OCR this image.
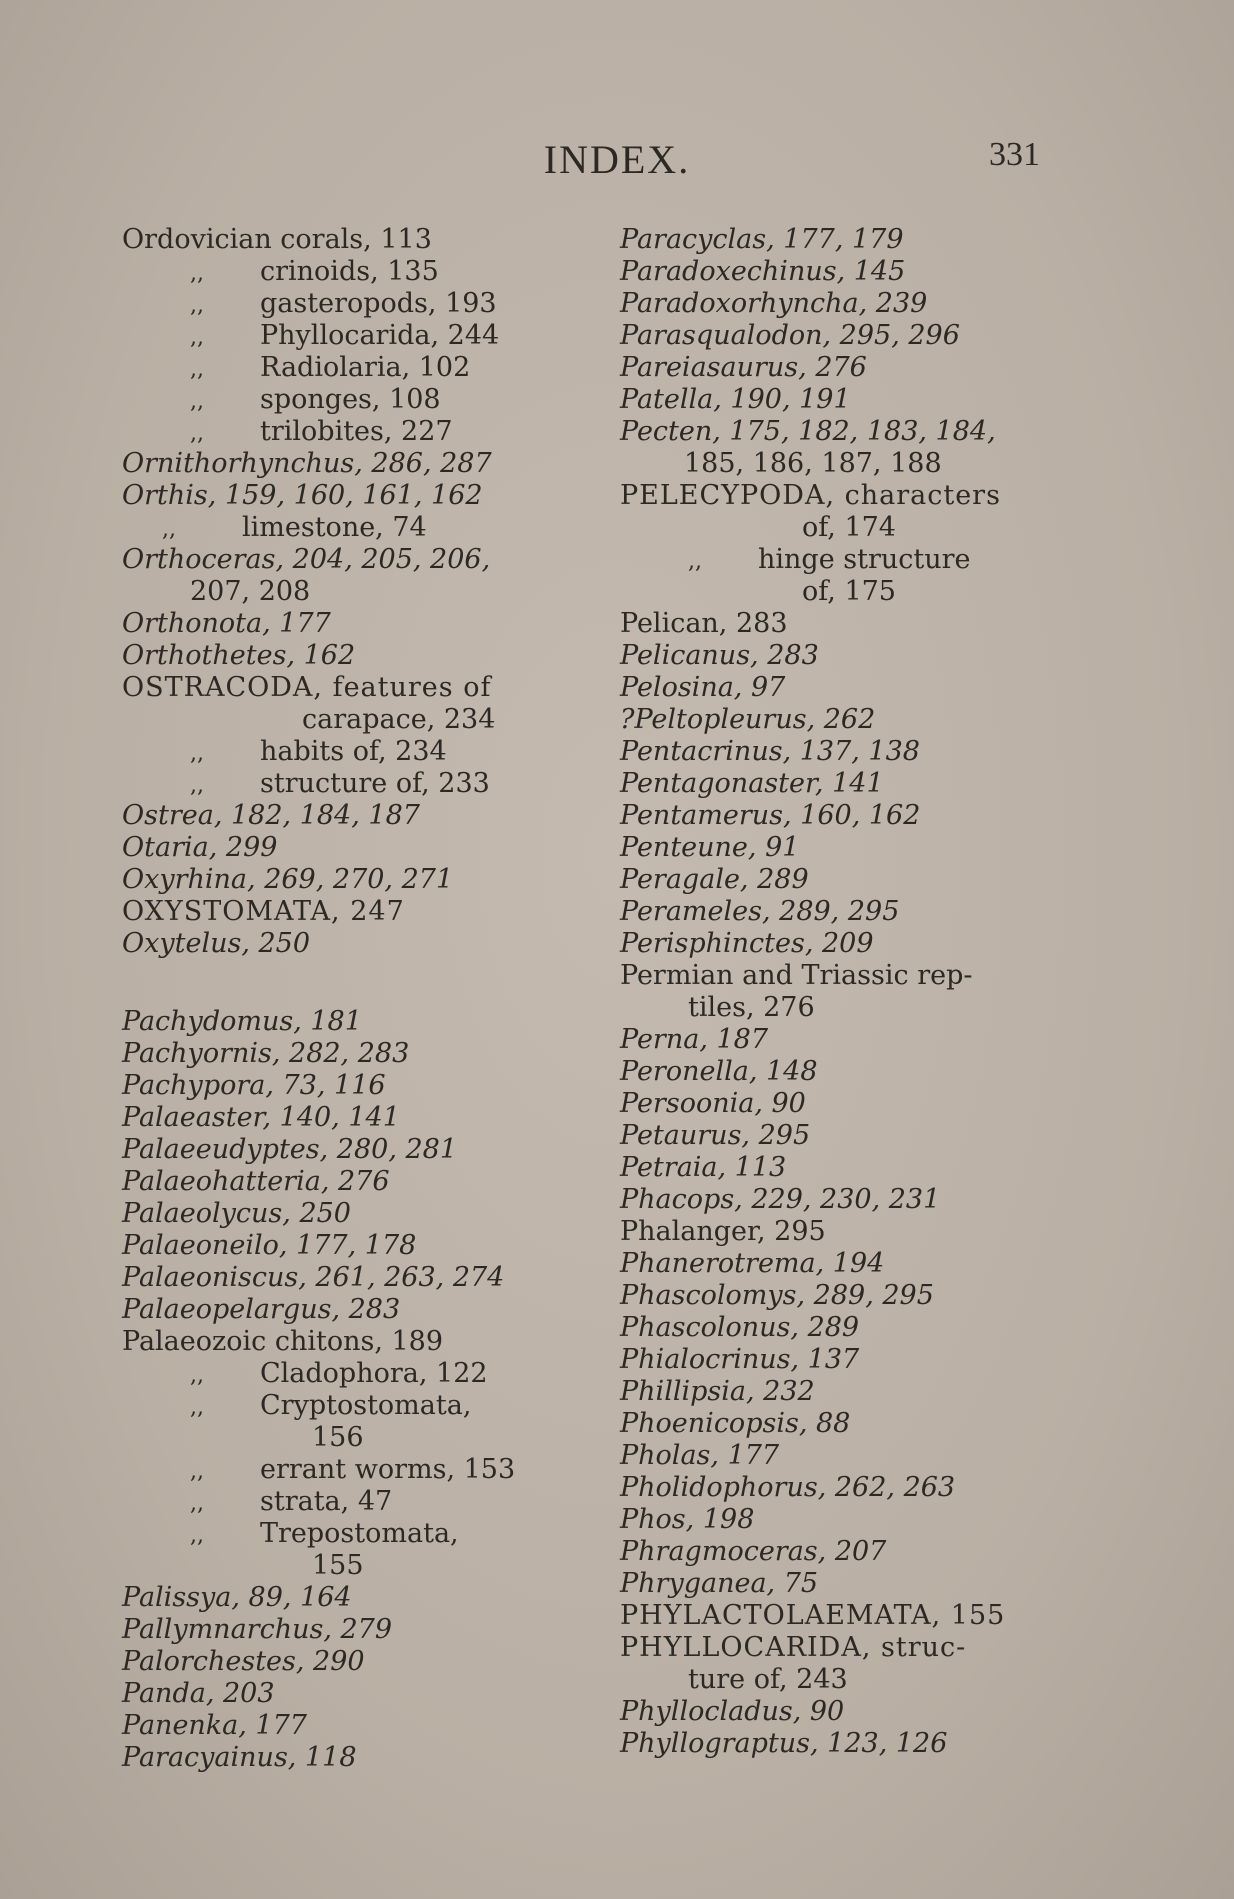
INDEX.	331
Ordovician corals, 113
,, crinoids, 135
,, gasteropods, 193
,, Phyllocarida, 244
,, Radiolaria, 102
,, sponges, 108
,, trilobites, 227
Ornithorhynchus, 286, 287
Orthis, 159, 160, 161, 162
,, limestone, 74
Orthoceras, 204, 205, 206,
207, 208
Orthonota, 177
Orthothetes, 162
OSTRACODA, features of
carapace, 234
,, habits of, 234
,, structure of, 233
Ostrea, 182, 184, 187
Otaria, 299
Oxyrhina, 269, 270, 271
OXYSTOMATA, 247
Oxytelus, 250
Pachydomus, 181
Pachyornis, 282, 283
Pachypora, 73, 116
Palaeaster, 140, 141
Palaeeudyptes, 280, 281
Palaeohatteria, 276
Palaeolycus, 250
Palaeoneilo, 177, 178
Palaeoniscus, 261, 263, 274
Palaeopelargus, 283
Palaeozoic chitons, 189
,, Cladophora, 122
,, Cryptostomata,
156
,, errant worms, 153
,, strata, 47
,, Trepostomata,
155
Palissya, 89, 164
Pallymnarchus, 279
Palorchestes, 290
Panda, 203
Panenka, 177
Paracyainus, 118
Paracyclas, 177, 179
Paradoxechinus, 145
Paradoxorhyncha, 239
Parasqualodon, 295, 296
Pareiasaurus, 276
Patella, 190, 191
Pecten, 175, 182, 183, 184,
185, 186, 187, 188
PELECYPODA, characters
of, 174
,, hinge structure
of, 175
Pelican, 283
Pelicanus, 283
Pelosina, 97
?Peltopleurus, 262
Pentacrinus, 137, 138
Pentagonaster, 141
Pentamerus, 160, 162
Penteune, 91
Peragale, 289
Perameles, 289, 295
Perisphinctes, 209
Permian and Triassic rep-
tiles, 276
Perna, 187
Peronella, 148
Persoonia, 90
Petaurus, 295
Petraia, 113
Phacops, 229, 230, 231
Phalanger, 295
Phanerotrema, 194
Phascolomys, 289, 295
Phascolonus, 289
Phialocrinus, 137
Phillipsia, 232
Phoenicopsis, 88
Pholas, 177
Pholidophorus, 262, 263
Phos, 198
Phragmoceras, 207
Phryganea, 75
PHYLACTOLAEMATA, 155
PHYLLOCARIDA, struc-
ture of, 243
Phyllocladus, 90
Phyllograptus, 123, 126
